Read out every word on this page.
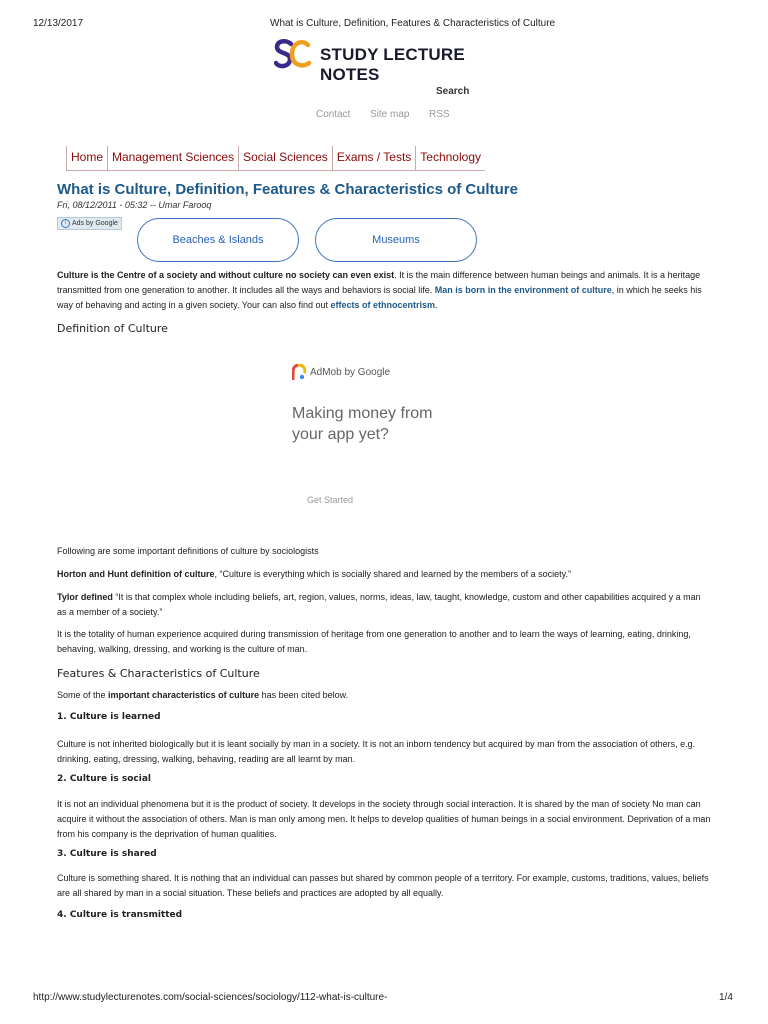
12/13/2017	What is Culture, Definition, Features & Characteristics of Culture
STUDY LECTURE NOTES
Search
Contact Site map RSS
Home Management Sciences Social Sciences Exams / Tests Technology
What is Culture, Definition, Features & Characteristics of Culture
Fri, 08/12/2011 - 05:32 -- Umar Farooq
i Ads by Google
Beaches & Islands	Museums

Culture is the Centre of a society and without culture no society can even exist. It is the main difference between human beings and animals. It is a heritage transmitted from one generation to another. It includes all the ways and behaviors is social life. Man is born in the environment of culture, in which he seeks his way of behaving and acting in a given society. Your can also find out effects of ethnocentrism.

Definition of Culture
AdMob by Google
Making money from your app yet?
Get Started

Following are some important definitions of culture by sociologists

Horton and Hunt definition of culture, “Culture is everything which is socially shared and learned by the members of a society.”

Tylor defined “It is that complex whole including beliefs, art, region, values, norms, ideas, law, taught, knowledge, custom and other capabilities acquired y a man as a member of a society.”

It is the totality of human experience acquired during transmission of heritage from one generation to another and to learn the ways of learning, eating, drinking, behaving, walking, dressing, and working is the culture of man.

Features & Characteristics of Culture

Some of the important characteristics of culture has been cited below.

1. Culture is learned

Culture is not inherited biologically but it is leant socially by man in a society. It is not an inborn tendency but acquired by man from the association of others, e.g. drinking, eating, dressing, walking, behaving, reading are all learnt by man.

2. Culture is social

It is not an individual phenomena but it is the product of society. It develops in the society through social interaction. It is shared by the man of society No man can acquire it without the association of others. Man is man only among men. It helps to develop qualities of human beings in a social environment. Deprivation of a man from his company is the deprivation of human qualities.

3. Culture is shared

Culture is something shared. It is nothing that an individual can passes but shared by common people of a territory. For example, customs, traditions, values, beliefs are all shared by man in a social situation. These beliefs and practices are adopted by all equally.

4. Culture is transmitted
http://www.studylecturenotes.com/social-sciences/sociology/112-what-is-culture-	1/4
